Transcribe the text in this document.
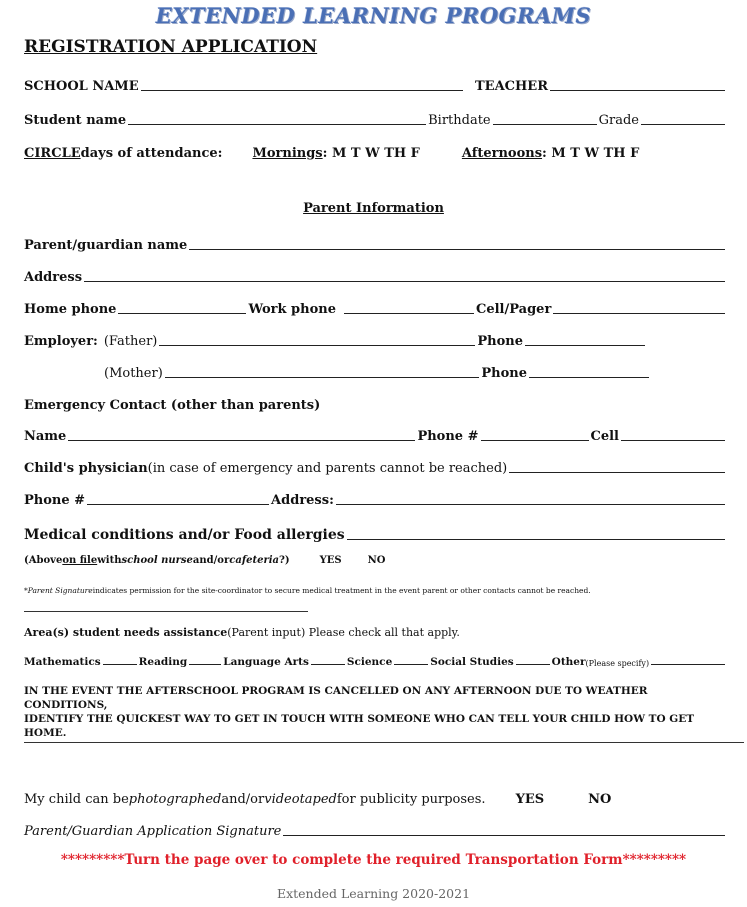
EXTENDED LEARNING PROGRAMS
REGISTRATION APPLICATION
SCHOOL NAME	TEACHER
Student name	Birthdate	Grade
CIRCLE days of attendance: Mornings : M T W TH F	Afternoons : M T W TH F
Parent Information
Parent/guardian name
Address
Home phone	Work phone	Cell/Pager
Employer: (Father)	Phone
(Mother)	Phone
Emergency Contact (other than parents)
Name	Phone #	Cell
Child's physician (in case of emergency and parents cannot be reached)
Phone #	Address:
Medical conditions and/or Food allergies
(Above on file with school nurse and/or cafeteria ?)	YES	NO
*Parent Signature indicates permission for the site-coordinator to secure medical treatment in the event parent or other contacts cannot be reached.
Area(s) student needs assistance (Parent input) Please check all that apply.
Mathematics	Reading	Language Arts	Science	Social Studies	Other (Please specify)
IN THE EVENT THE AFTERSCHOOL PROGRAM IS CANCELLED ON ANY AFTERNOON DUE TO WEATHER CONDITIONS,
IDENTIFY THE QUICKEST WAY TO GET IN TOUCH WITH SOMEONE WHO CAN TELL YOUR CHILD HOW TO GET HOME.
My child can be photographed and/or videotaped for publicity purposes. YES	NO
Parent/Guardian Application Signature
*********Turn the page over to complete the required Transportation Form*********
Extended Learning 2020-2021
